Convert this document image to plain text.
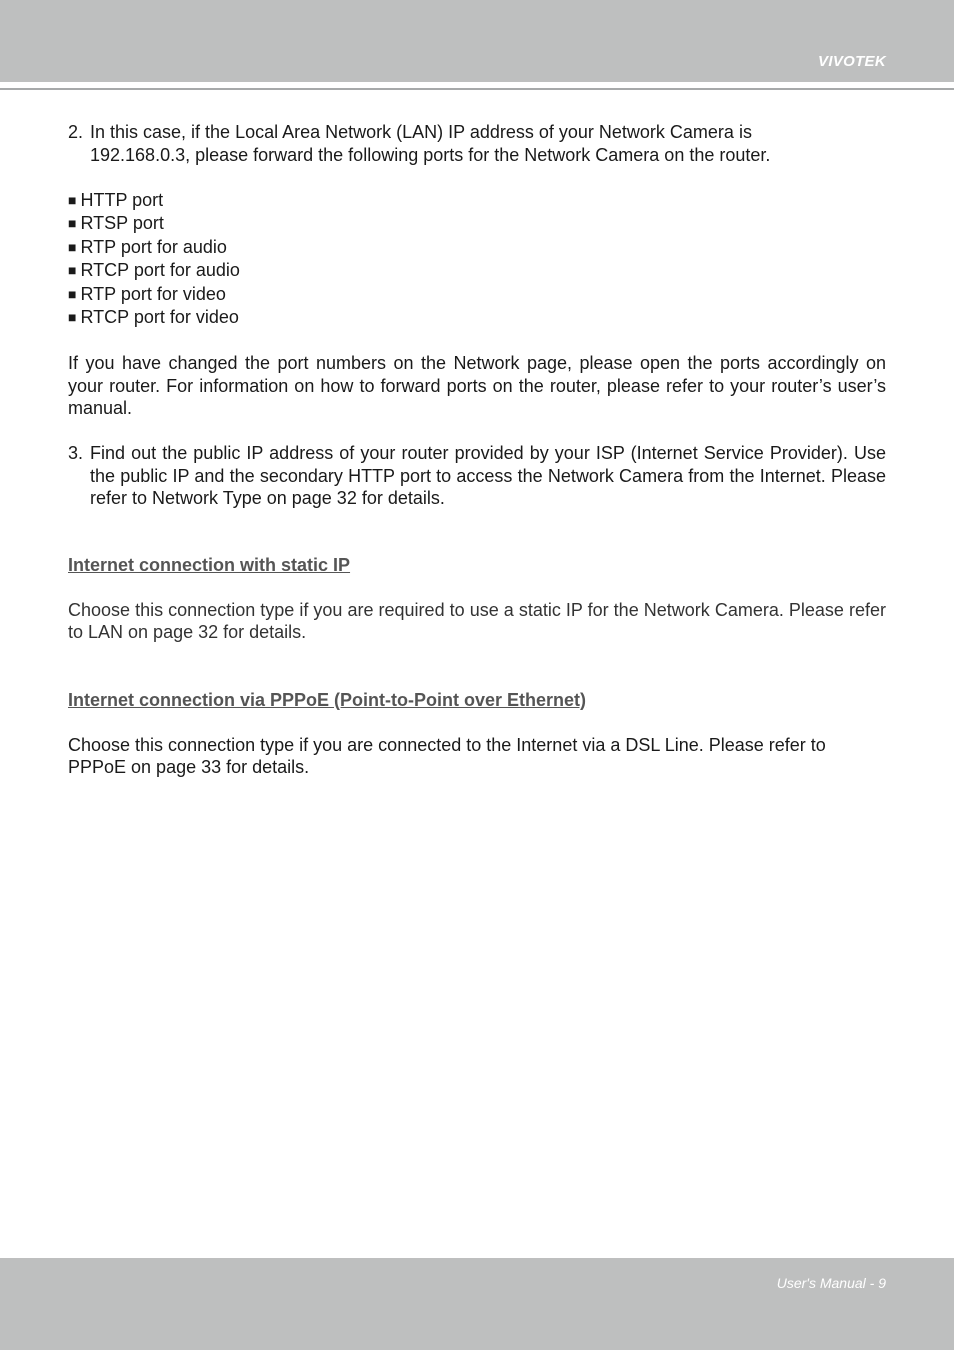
VIVOTEK
2. In this case, if the Local Area Network (LAN) IP address of your Network Camera is 192.168.0.3, please forward the following ports for the Network Camera on the router.
■ HTTP port
■ RTSP port
■ RTP port for audio
■ RTCP port for audio
■ RTP port for video
■ RTCP port for video

If you have changed the port numbers on the Network page, please open the ports accordingly on your router. For information on how to forward ports on the router, please refer to your router’s user’s manual.

3. Find out the public IP address of your router provided by your ISP (Internet Service Provider). Use the public IP and the secondary HTTP port to access the Network Camera from the Internet. Please refer to Network Type on page 32 for details.

Internet connection with static IP

Choose this connection type if you are required to use a static IP for the Network Camera. Please refer to LAN on page 32 for details.

Internet connection via PPPoE (Point-to-Point over Ethernet)

Choose this connection type if you are connected to the Internet via a DSL Line. Please refer to PPPoE on page 33 for details.

User's Manual - 9
